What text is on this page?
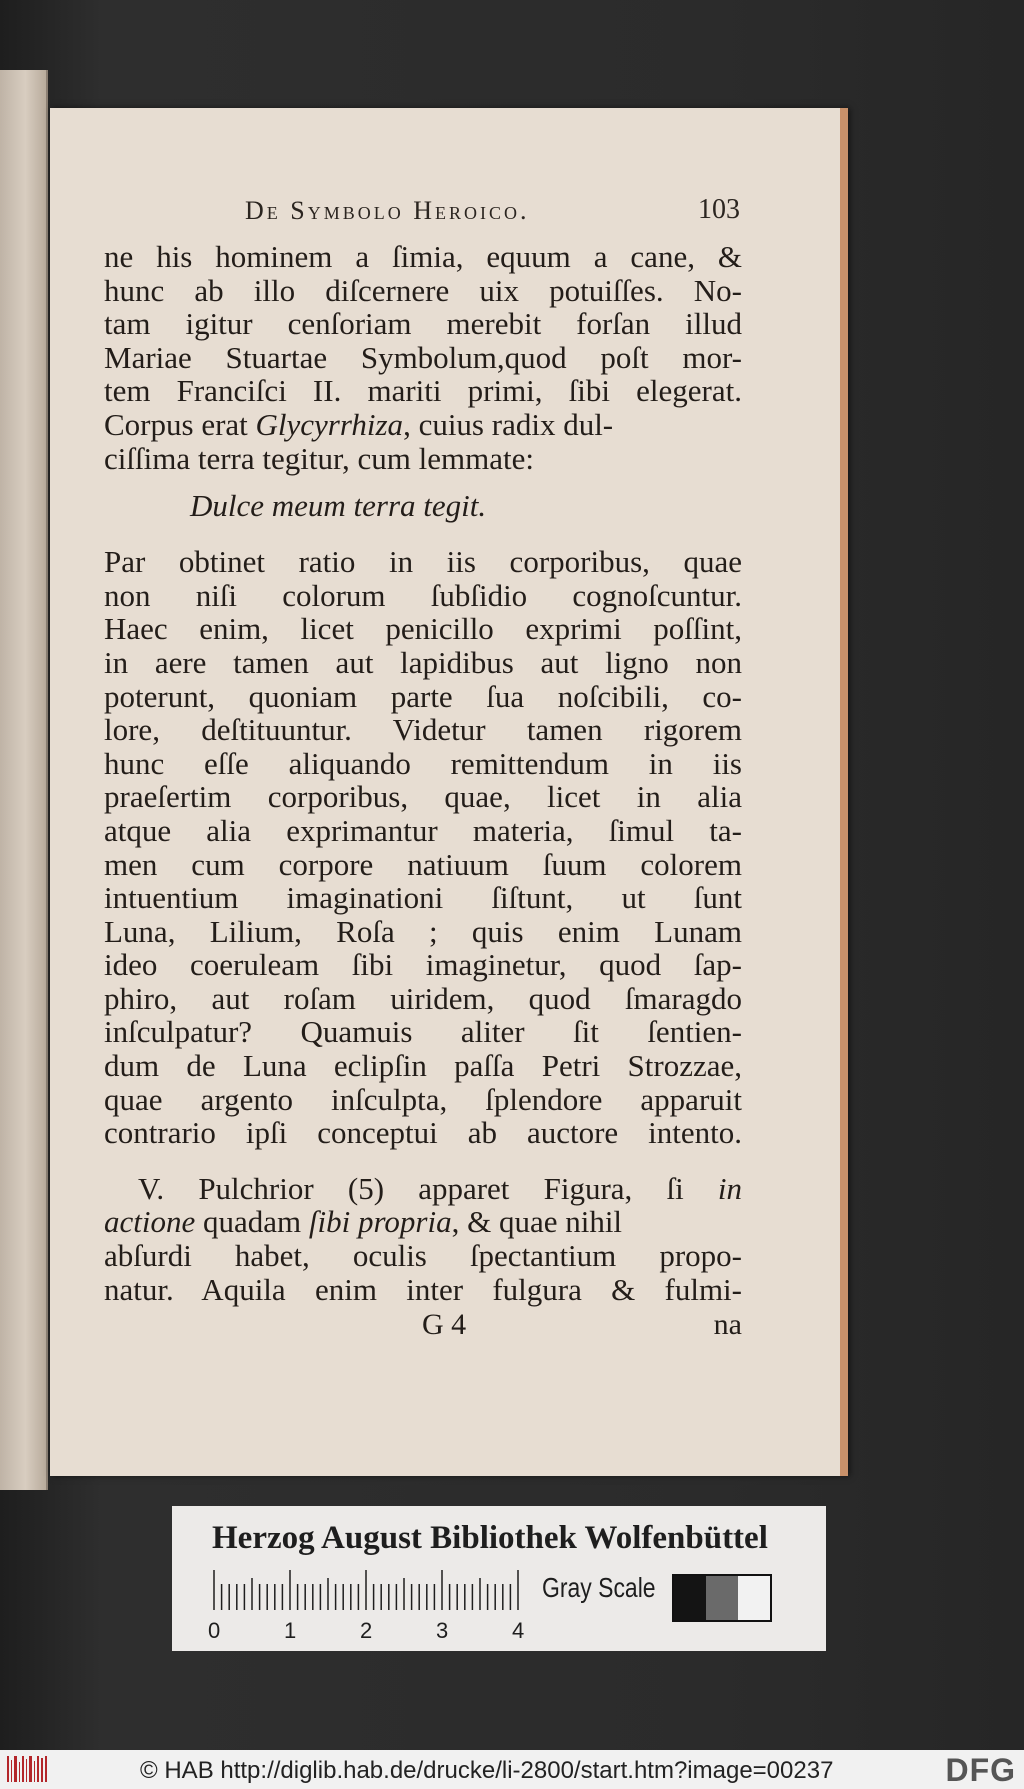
De Symbolo Heroico.	103
ne his hominem a ſimia, equum a cane, &
hunc ab illo diſcernere uix potuiſſes. No-
tam igitur cenſoriam merebit forſan illud
Mariae Stuartae Symbolum,quod poſt mor-
tem Franciſci II. mariti primi, ſibi elegerat.
Corpus erat Glycyrrhiza, cuius radix dul-
ciſſima terra tegitur, cum lemmate:
Dulce meum terra tegit.
Par obtinet ratio in iis corporibus, quae
non niſi colorum ſubſidio cognoſcuntur.
Haec enim, licet penicillo exprimi poſſint,
in aere tamen aut lapidibus aut ligno non
poterunt, quoniam parte ſua noſcibili, co-
lore, deſtituuntur. Videtur tamen rigorem
hunc eſſe aliquando remittendum in iis
praeſertim corporibus, quae, licet in alia
atque alia exprimantur materia, ſimul ta-
men cum corpore natiuum ſuum colorem
intuentium imaginationi ſiſtunt, ut ſunt
Luna, Lilium, Roſa ; quis enim Lunam
ideo coeruleam ſibi imaginetur, quod ſap-
phiro, aut roſam uiridem, quod ſmaragdo
inſculpatur? Quamuis aliter ſit ſentien-
dum de Luna eclipſin paſſa Petri Strozzae,
quae argento inſculpta, ſplendore apparuit
contrario ipſi conceptui ab auctore intento.
V. Pulchrior (5) apparet Figura, ſi in
actione quadam ſibi propria, & quae nihil
abſurdi habet, oculis ſpectantium propo-
natur. Aquila enim inter fulgura & fulmi-
G 4	na
Herzog August Bibliothek Wolfenbüttel
0	1	2	3	4
Gray Scale
© HAB http://diglib.hab.de/drucke/li-2800/start.htm?image=00237	DFG
